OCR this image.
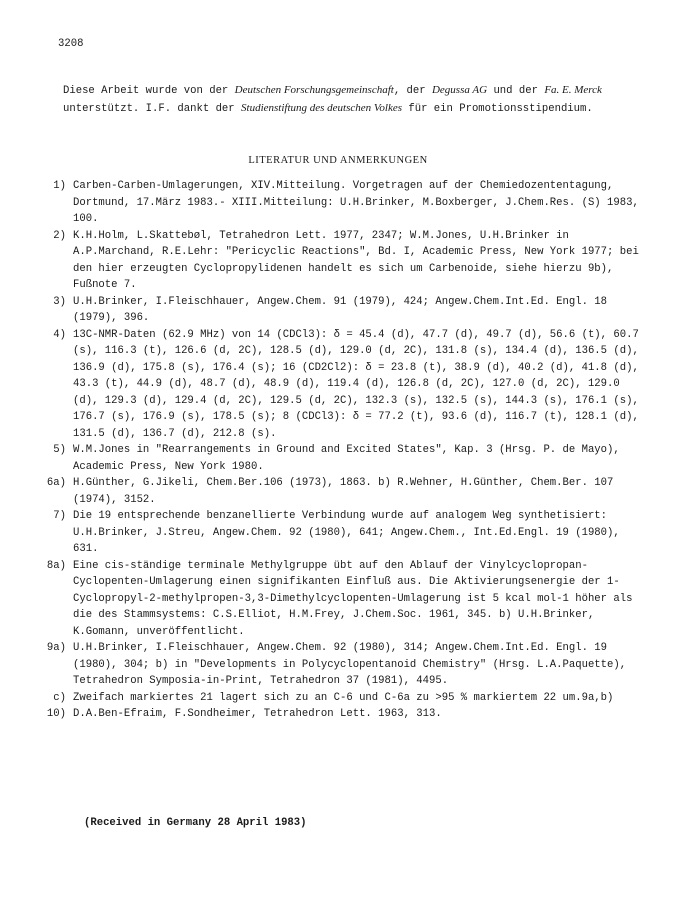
3208
Diese Arbeit wurde von der Deutschen Forschungsgemeinschaft, der Degussa AG und der Fa. E. Merck unterstützt. I.F. dankt der Studienstiftung des deutschen Volkes für ein Promotionsstipendium.
LITERATUR UND ANMERKUNGEN
1) Carben-Carben-Umlagerungen, XIV.Mitteilung. Vorgetragen auf der Chemiedozententagung, Dortmund, 17.März 1983.- XIII.Mitteilung: U.H.Brinker, M.Boxberger, J.Chem.Res. (S) 1983, 100.
2) K.H.Holm, L.Skattebøl, Tetrahedron Lett. 1977, 2347; W.M.Jones, U.H.Brinker in A.P.Marchand, R.E.Lehr: "Pericyclic Reactions", Bd. I, Academic Press, New York 1977; bei den hier erzeugten Cyclopropylidenen handelt es sich um Carbenoide, siehe hierzu 9b), Fußnote 7.
3) U.H.Brinker, I.Fleischhauer, Angew.Chem. 91 (1979), 424; Angew.Chem.Int.Ed. Engl. 18 (1979), 396.
4) 13C-NMR-Daten (62.9 MHz) von 14 (CDCl3): δ = 45.4 (d), 47.7 (d), 49.7 (d), 56.6 (t), 60.7 (s), 116.3 (t), 126.6 (d, 2C), 128.5 (d), 129.0 (d, 2C), 131.8 (s), 134.4 (d), 136.5 (d), 136.9 (d), 175.8 (s), 176.4 (s); 16 (CD2Cl2): δ = 23.8 (t), 38.9 (d), 40.2 (d), 41.8 (d), 43.3 (t), 44.9 (d), 48.7 (d), 48.9 (d), 119.4 (d), 126.8 (d, 2C), 127.0 (d, 2C), 129.0 (d), 129.3 (d), 129.4 (d, 2C), 129.5 (d, 2C), 132.3 (s), 132.5 (s), 144.3 (s), 176.1 (s), 176.7 (s), 176.9 (s), 178.5 (s); 8 (CDCl3): δ = 77.2 (t), 93.6 (d), 116.7 (t), 128.1 (d), 131.5 (d), 136.7 (d), 212.8 (s).
5) W.M.Jones in "Rearrangements in Ground and Excited States", Kap. 3 (Hrsg. P. de Mayo), Academic Press, New York 1980.
6a) H.Günther, G.Jikeli, Chem.Ber.106 (1973), 1863. b) R.Wehner, H.Günther, Chem.Ber. 107 (1974), 3152.
7) Die 19 entsprechende benzanellierte Verbindung wurde auf analogem Weg synthetisiert: U.H.Brinker, J.Streu, Angew.Chem. 92 (1980), 641; Angew.Chem., Int.Ed.Engl. 19 (1980), 631.
8a) Eine cis-ständige terminale Methylgruppe übt auf den Ablauf der Vinylcyclopropan-Cyclopenten-Umlagerung einen signifikanten Einfluß aus. Die Aktivierungsenergie der 1-Cyclopropyl-2-methylpropen-3,3-Dimethylcyclopenten-Umlagerung ist 5 kcal mol-1 höher als die des Stammsystems: C.S.Elliot, H.M.Frey, J.Chem.Soc. 1961, 345. b) U.H.Brinker, K.Gomann, unveröffentlicht.
9a) U.H.Brinker, I.Fleischhauer, Angew.Chem. 92 (1980), 314; Angew.Chem.Int.Ed. Engl. 19 (1980), 304; b) in "Developments in Polycyclopentanoid Chemistry" (Hrsg. L.A.Paquette), Tetrahedron Symposia-in-Print, Tetrahedron 37 (1981), 4495.
c) Zweifach markiertes 21 lagert sich zu an C-6 und C-6a zu >95 % markiertem 22 um.9a,b)
10) D.A.Ben-Efraim, F.Sondheimer, Tetrahedron Lett. 1963, 313.
(Received in Germany 28 April 1983)
